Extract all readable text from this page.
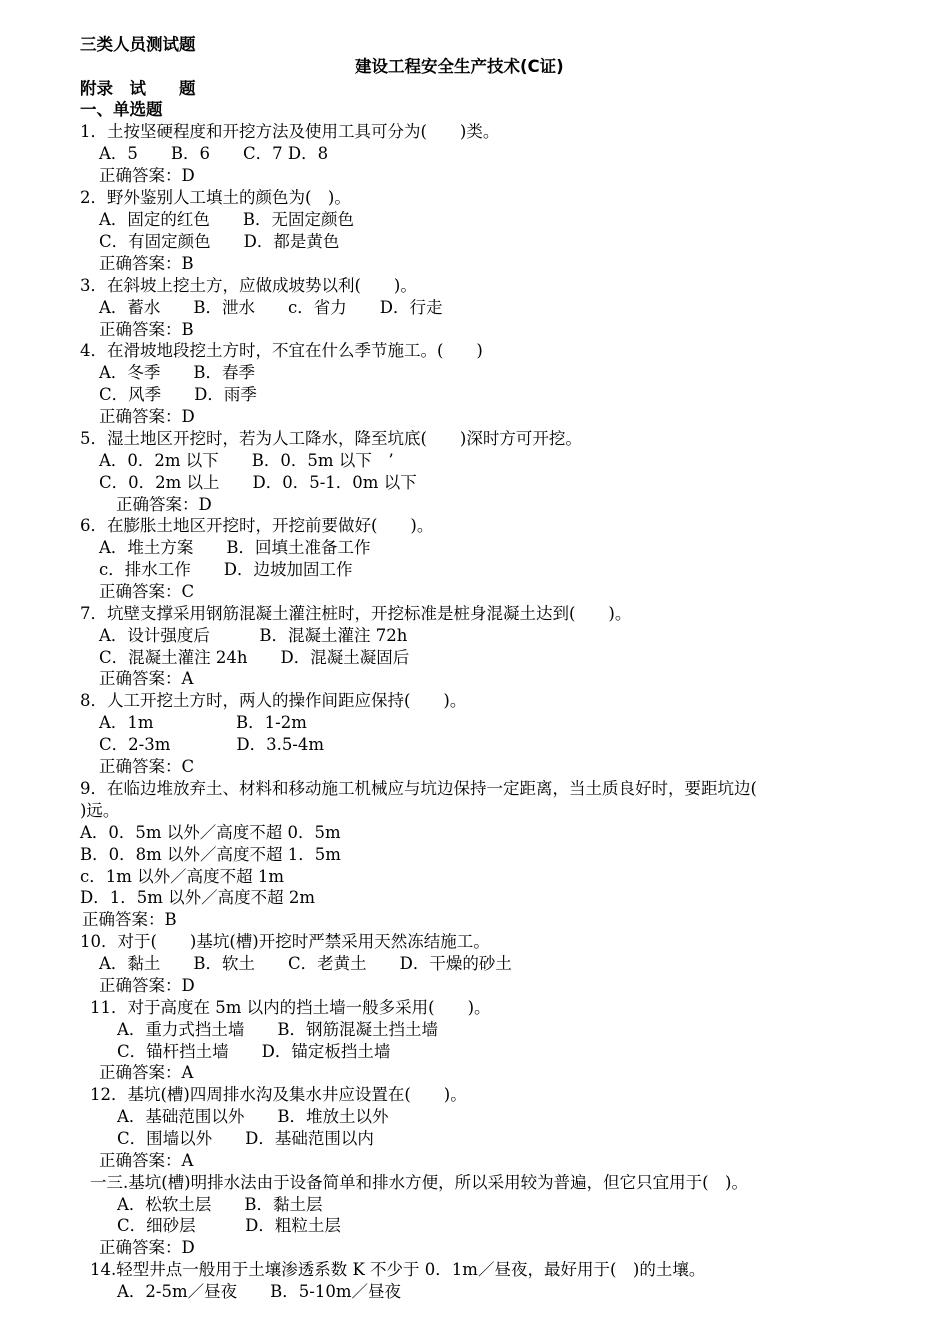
三类人员测试题
建设工程安全生产技术(C证)
附录　试　　题
一、单选题
1．土按坚硬程度和开挖方法及使用工具可分为(　　)类。
A．5　　B．6　　C．7 D．8
正确答案：D
2．野外鉴别人工填土的颜色为(　)。
A．固定的红色　　B．无固定颜色
C．有固定颜色　　D．都是黄色
正确答案：B
3．在斜坡上挖土方，应做成坡势以利(　　)。
A．蓄水　　B．泄水　　c．省力　　D．行走
正确答案：B
4．在滑坡地段挖土方时，不宜在什么季节施工。(　　)
A．冬季　　B．春季
C．风季　　D．雨季
正确答案：D
5．湿土地区开挖时，若为人工降水，降至坑底(　　)深时方可开挖。
A．0．2m 以下　　B．0．5m 以下　’
C．0．2m 以上　　D．0．5-1．0m 以下
正确答案：D
6．在膨胀土地区开挖时，开挖前要做好(　　)。
A．堆土方案　　B．回填土准备工作
c．排水工作　　D．边坡加固工作
正确答案：C
7．坑壁支撑采用钢筋混凝土灌注桩时，开挖标准是桩身混凝土达到(　　)。
A．设计强度后　　　B．混凝土灌注 72h
C．混凝土灌注 24h　　D．混凝土凝固后
正确答案：A
8．人工开挖土方时，两人的操作间距应保持(　　)。
A．1m　　　　　B．1-2m
C．2-3m　　　　D．3.5-4m
正确答案：C
9．在临边堆放弃土、材料和移动施工机械应与坑边保持一定距离，当土质良好时，要距坑边(
)远。
A．0．5m 以外／高度不超 0．5m
B．0．8m 以外／高度不超 1．5m
c．1m 以外／高度不超 1m
D．1．5m 以外／高度不超 2m
正确答案：B
10．对于(　　)基坑(槽)开挖时严禁采用天然冻结施工。
A．黏土　　B．软土　　C．老黄土　　D．干燥的砂土
正确答案：D
11．对于高度在 5m 以内的挡土墙一般多采用(　　)。
A．重力式挡土墙　　B．钢筋混凝土挡土墙
C．锚杆挡土墙　　D．锚定板挡土墙
正确答案：A
12．基坑(槽)四周排水沟及集水井应设置在(　　)。
A．基础范围以外　　B．堆放土以外
C．围墙以外　　D．基础范围以内
正确答案：A
一三.基坑(槽)明排水法由于设备简单和排水方便，所以采用较为普遍，但它只宜用于(　)。
A．松软土层　　B．黏土层
C．细砂层　　　D．粗粒土层
正确答案：D
14.轻型井点一般用于土壤渗透系数 K 不少于 0．1m／昼夜，最好用于(　)的土壤。
A．2-5m／昼夜　　B．5-10m／昼夜
